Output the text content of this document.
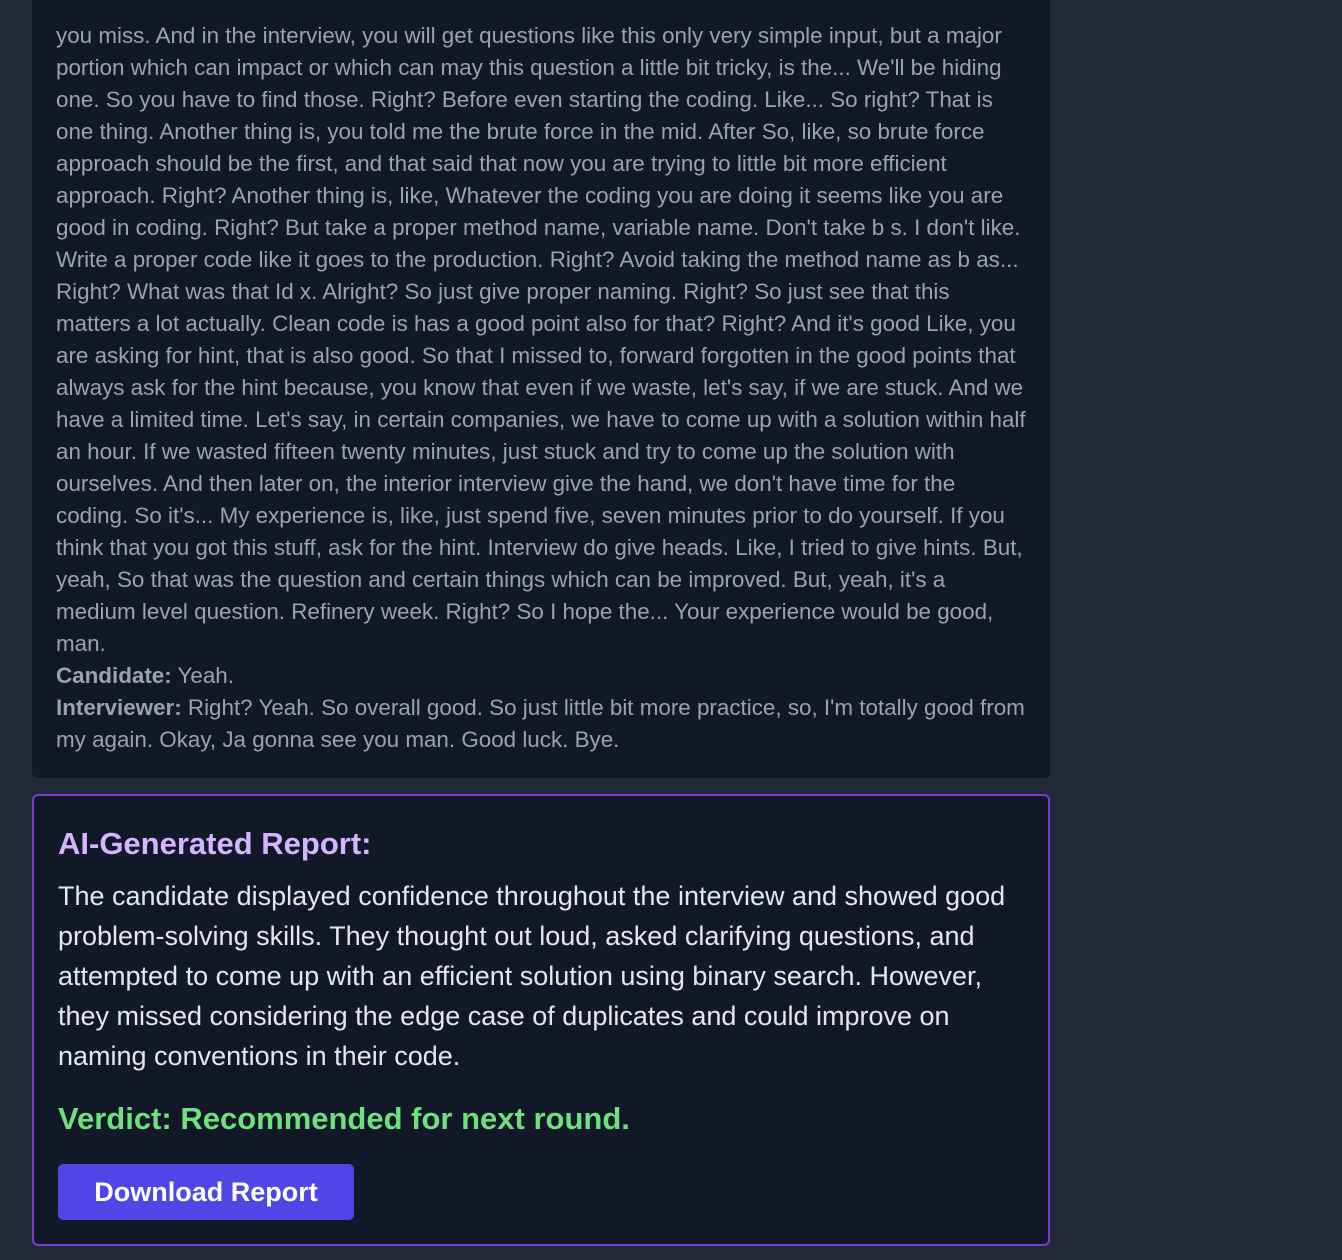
you miss. And in the interview, you will get questions like this only very simple input, but a major portion which can impact or which can may this question a little bit tricky, is the... We'll be hiding one. So you have to find those. Right? Before even starting the coding. Like... So right? That is one thing. Another thing is, you told me the brute force in the mid. After So, like, so brute force approach should be the first, and that said that now you are trying to little bit more efficient approach. Right? Another thing is, like, Whatever the coding you are doing it seems like you are good in coding. Right? But take a proper method name, variable name. Don't take b s. I don't like. Write a proper code like it goes to the production. Right? Avoid taking the method name as b as... Right? What was that Id x. Alright? So just give proper naming. Right? So just see that this matters a lot actually. Clean code is has a good point also for that? Right? And it's good Like, you are asking for hint, that is also good. So that I missed to, forward forgotten in the good points that always ask for the hint because, you know that even if we waste, let's say, if we are stuck. And we have a limited time. Let's say, in certain companies, we have to come up with a solution within half an hour. If we wasted fifteen twenty minutes, just stuck and try to come up the solution with ourselves. And then later on, the interior interview give the hand, we don't have time for the coding. So it's... My experience is, like, just spend five, seven minutes prior to do yourself. If you think that you got this stuff, ask for the hint. Interview do give heads. Like, I tried to give hints. But, yeah, So that was the question and certain things which can be improved. But, yeah, it's a medium level question. Refinery week. Right? So I hope the... Your experience would be good, man.

Candidate: Yeah.

Interviewer: Right? Yeah. So overall good. So just little bit more practice, so, I'm totally good from my again. Okay, Ja gonna see you man. Good luck. Bye.

AI-Generated Report:

The candidate displayed confidence throughout the interview and showed good problem-solving skills. They thought out loud, asked clarifying questions, and attempted to come up with an efficient solution using binary search. However, they missed considering the edge case of duplicates and could improve on naming conventions in their code.

Download Report

Verdict: Recommended for next round.
